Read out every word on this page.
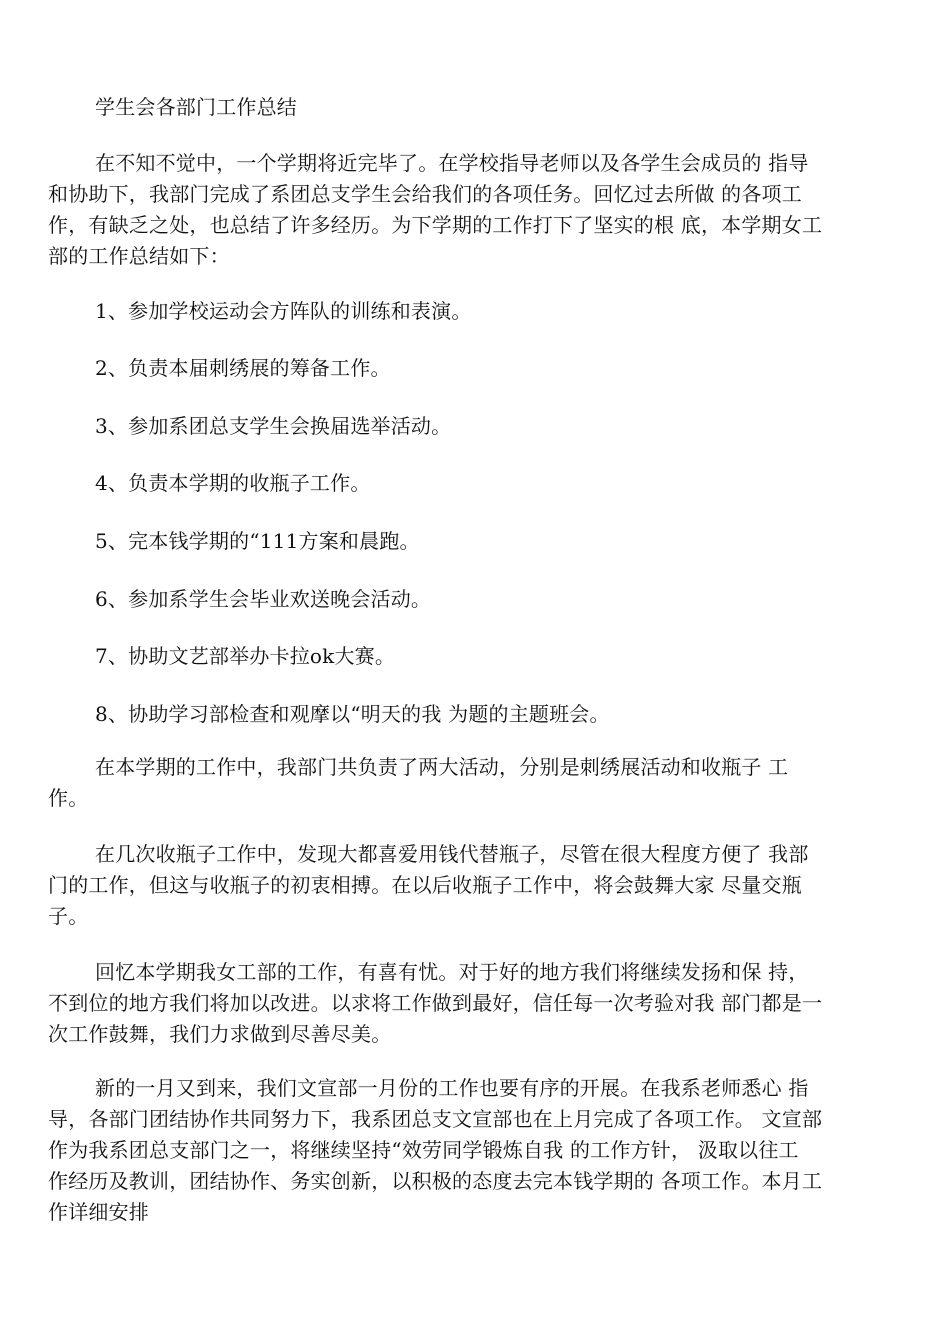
学生会各部门工作总结
在不知不觉中，一个学期将近完毕了。在学校指导老师以及各学生会成员的 指导
和协助下，我部门完成了系团总支学生会给我们的各项任务。回忆过去所做 的各项工
作，有缺乏之处，也总结了许多经历。为下学期的工作打下了坚实的根 底，本学期女工
部的工作总结如下：
1、参加学校运动会方阵队的训练和表演。
2、负责本届刺绣展的筹备工作。
3、参加系团总支学生会换届选举活动。
4、负责本学期的收瓶子工作。
5、完本钱学期的“111方案和晨跑。
6、参加系学生会毕业欢送晚会活动。
7、协助文艺部举办卡拉ok大赛。
8、协助学习部检查和观摩以“明天的我 为题的主题班会。
在本学期的工作中，我部门共负责了两大活动，分别是刺绣展活动和收瓶子 工
作。
在几次收瓶子工作中，发现大都喜爱用钱代替瓶子，尽管在很大程度方便了 我部
门的工作，但这与收瓶子的初衷相搏。在以后收瓶子工作中，将会鼓舞大家 尽量交瓶
子。
回忆本学期我女工部的工作，有喜有忧。对于好的地方我们将继续发扬和保 持，
不到位的地方我们将加以改进。以求将工作做到最好，信任每一次考验对我 部门都是一
次工作鼓舞，我们力求做到尽善尽美。
新的一月又到来，我们文宣部一月份的工作也要有序的开展。在我系老师悉心 指
导，各部门团结协作共同努力下，我系团总支文宣部也在上月完成了各项工作。 文宣部
作为我系团总支部门之一，将继续坚持“效劳同学锻炼自我 的工作方针， 汲取以往工
作经历及教训，团结协作、务实创新，以积极的态度去完本钱学期的 各项工作。本月工
作详细安排
